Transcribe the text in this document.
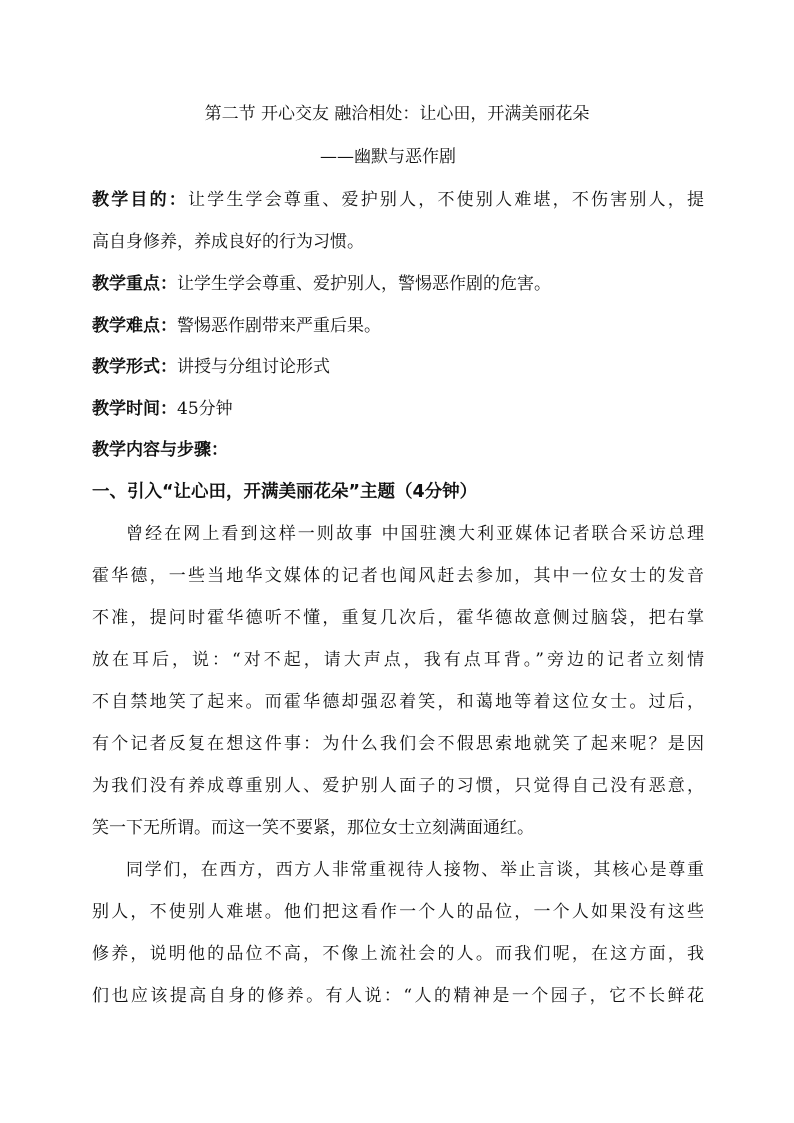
第二节 开心交友 融洽相处：让心田，开满美丽花朵
——幽默与恶作剧
教学目的：让学生学会尊重、爱护别人，不使别人难堪，不伤害别人，提
高自身修养，养成良好的行为习惯。
教学重点：让学生学会尊重、爱护别人，警惕恶作剧的危害。
教学难点：警惕恶作剧带来严重后果。
教学形式：讲授与分组讨论形式
教学时间：45分钟
教学内容与步骤：
一、引入“让心田，开满美丽花朵”主题（4分钟）
曾经在网上看到这样一则故事 中国驻澳大利亚媒体记者联合采访总理
霍华德，一些当地华文媒体的记者也闻风赶去参加，其中一位女士的发音
不准，提问时霍华德听不懂，重复几次后，霍华德故意侧过脑袋，把右掌
放在耳后，说：“对不起，请大声点，我有点耳背。”旁边的记者立刻情
不自禁地笑了起来。而霍华德却强忍着笑，和蔼地等着这位女士。过后，
有个记者反复在想这件事：为什么我们会不假思索地就笑了起来呢？是因
为我们没有养成尊重别人、爱护别人面子的习惯，只觉得自己没有恶意，
笑一下无所谓。而这一笑不要紧，那位女士立刻满面通红。
同学们，在西方，西方人非常重视待人接物、举止言谈，其核心是尊重
别人，不使别人难堪。他们把这看作一个人的品位，一个人如果没有这些
修养，说明他的品位不高，不像上流社会的人。而我们呢，在这方面，我
们也应该提高自身的修养。有人说：“人的精神是一个园子，它不长鲜花
